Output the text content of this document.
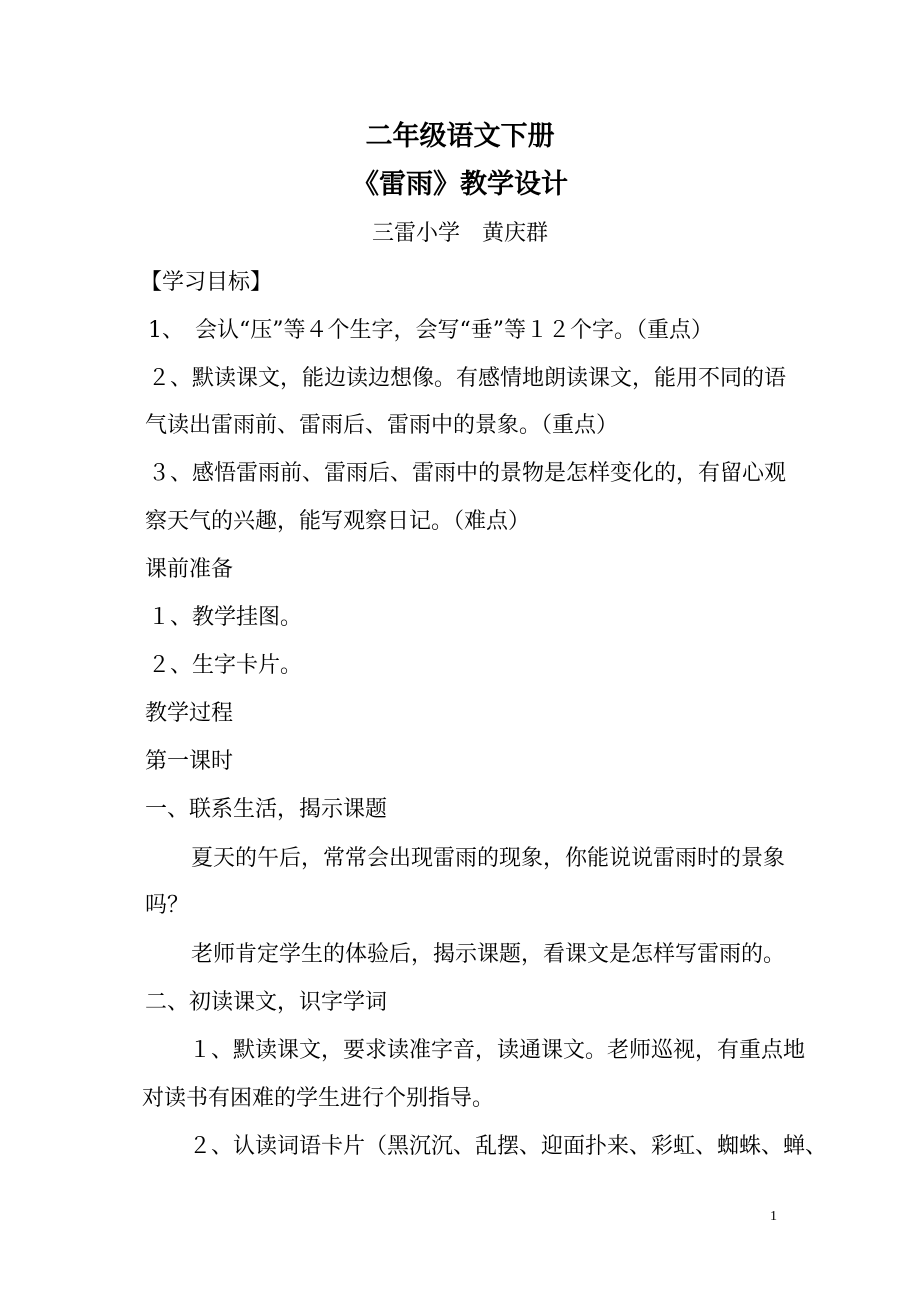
二年级语文下册
《雷雨》教学设计
三雷小学　黄庆群
【学习目标】
1、　会认“压”等４个生字，会写“垂”等１２个字。（重点）
２、默读课文，能边读边想像。有感情地朗读课文，能用不同的语
气读出雷雨前、雷雨后、雷雨中的景象。（重点）
３、感悟雷雨前、雷雨后、雷雨中的景物是怎样变化的，有留心观
察天气的兴趣，能写观察日记。（难点）
课前准备
１、教学挂图。
２、生字卡片。
教学过程
第一课时
一、联系生活，揭示课题
夏天的午后，常常会出现雷雨的现象，你能说说雷雨时的景象
吗？
老师肯定学生的体验后，揭示课题，看课文是怎样写雷雨的。
二、初读课文，识字学词
１、默读课文，要求读准字音，读通课文。老师巡视，有重点地
对读书有困难的学生进行个别指导。
２、认读词语卡片（黑沉沉、乱摆、迎面扑来、彩虹、蜘蛛、蝉、
1
